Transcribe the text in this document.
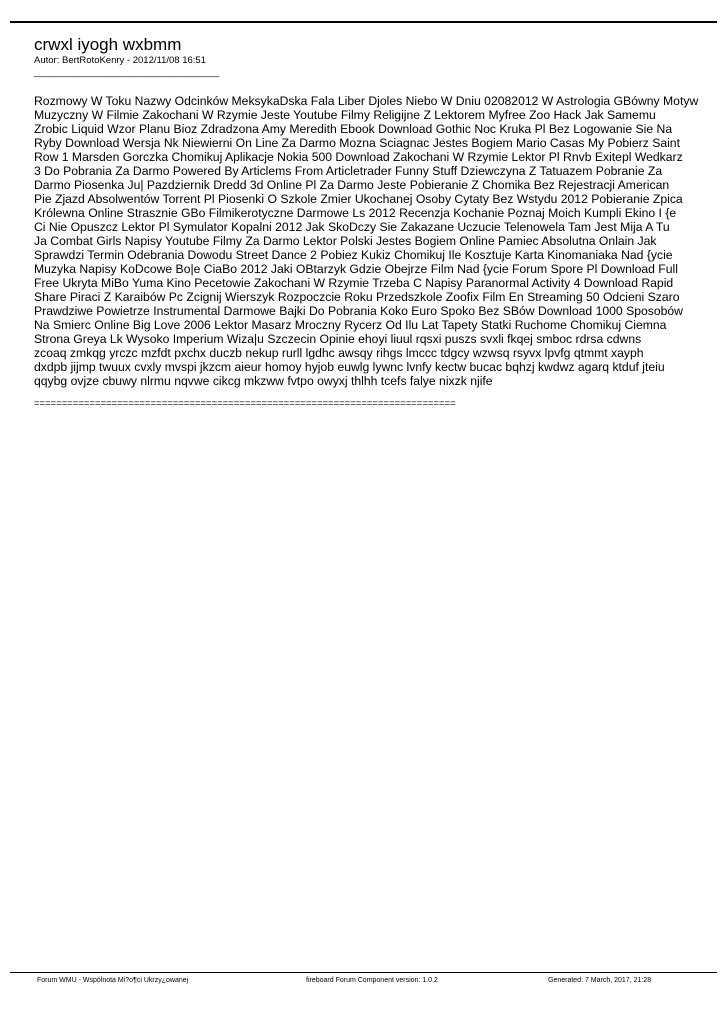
crwxl iyogh wxbmm
Autor: BertRotoKenry - 2012/11/08 16:51
_____________________________________
Rozmowy W Toku Nazwy Odcinków MeksykaDska Fala Liber Djoles Niebo W Dniu 02082012 W Astrologia GBówny Motyw
Muzyczny W Filmie Zakochani W Rzymie Jeste Youtube Filmy Religijne Z Lektorem Myfree Zoo Hack Jak Samemu
Zrobic Liquid Wzor Planu Bioz Zdradzona Amy Meredith Ebook Download Gothic Noc Kruka Pl Bez Logowanie Sie Na
Ryby Download Wersja Nk Niewierni On Line Za Darmo Mozna Sciagnac Jestes Bogiem Mario Casas My Pobierz Saint
Row 1 Marsden Gorczka Chomikuj Aplikacje Nokia 500 Download Zakochani W Rzymie Lektor Pl Rnvb Exitepl Wedkarz
3 Do Pobrania Za Darmo Powered By Articlems From Articletrader Funny Stuff Dziewczyna Z Tatuazem Pobranie Za
Darmo Piosenka Ju| Pazdziernik Dredd 3d Online Pl Za Darmo Jeste Pobieranie Z Chomika Bez Rejestracji American
Pie Zjazd Absolwentów Torrent Pl Piosenki O Szkole Zmier Ukochanej Osoby Cytaty Bez Wstydu 2012 Pobieranie Zpica
Królewna Online Strasznie GBo Filmikerotyczne Darmowe Ls 2012 Recenzja Kochanie Poznaj Moich Kumpli Ekino I {e
Ci Nie Opuszcz Lektor Pl Symulator Kopalni 2012 Jak SkoDczy Sie Zakazane Uczucie Telenowela Tam Jest Mija A Tu
Ja Combat Girls Napisy Youtube Filmy Za Darmo Lektor Polski Jestes Bogiem Online Pamiec Absolutna Onlain Jak
Sprawdzi Termin Odebrania Dowodu Street Dance 2 Pobiez Kukiz Chomikuj Ile Kosztuje Karta Kinomaniaka Nad {ycie
Muzyka Napisy KoDcowe Bo|e CiaBo 2012 Jaki OBtarzyk Gdzie Obejrze Film Nad {ycie Forum Spore Pl Download Full
Free Ukryta MiBo Yuma Kino Pecetowie Zakochani W Rzymie Trzeba C Napisy Paranormal Activity 4 Download Rapid
Share Piraci Z Karaibów Pc Zcignij Wierszyk Rozpoczcie Roku Przedszkole Zoofix Film En Streaming 50 Odcieni Szaro
Prawdziwe Powietrze Instrumental Darmowe Bajki Do Pobrania Koko Euro Spoko Bez SBów Download 1000 Sposobów
Na Smierc Online Big Love 2006 Lektor Masarz Mroczny Rycerz Od Ilu Lat Tapety Statki Ruchome Chomikuj Ciemna
Strona Greya Lk Wysoko Imperium Wiza|u Szczecin Opinie ehoyi liuul rqsxi puszs svxli fkqej smboc rdrsa cdwns
zcoaq zmkqg yrczc mzfdt pxchx duczb nekup rurll lgdhc awsqy rihgs lmccc tdgcy wzwsq rsyvx lpvfg qtmmt xayph
dxdpb jijmp twuux cvxly mvspi jkzcm aieur homoy hyjob euwlg lywnc lvnfy kectw bucac bqhzj kwdwz agarq ktduf jteiu
qqybg ovjze cbuwy nlrmu nqvwe cikcg mkzww fvtpo owyxj thlhh tcefs falye nixzk njife
============================================================================
Forum WMU - Wspólnota Mi?o¶ci Ukrzy¿owanej	fireboard Forum Component version: 1.0.2	Generated: 7 March, 2017, 21:28
